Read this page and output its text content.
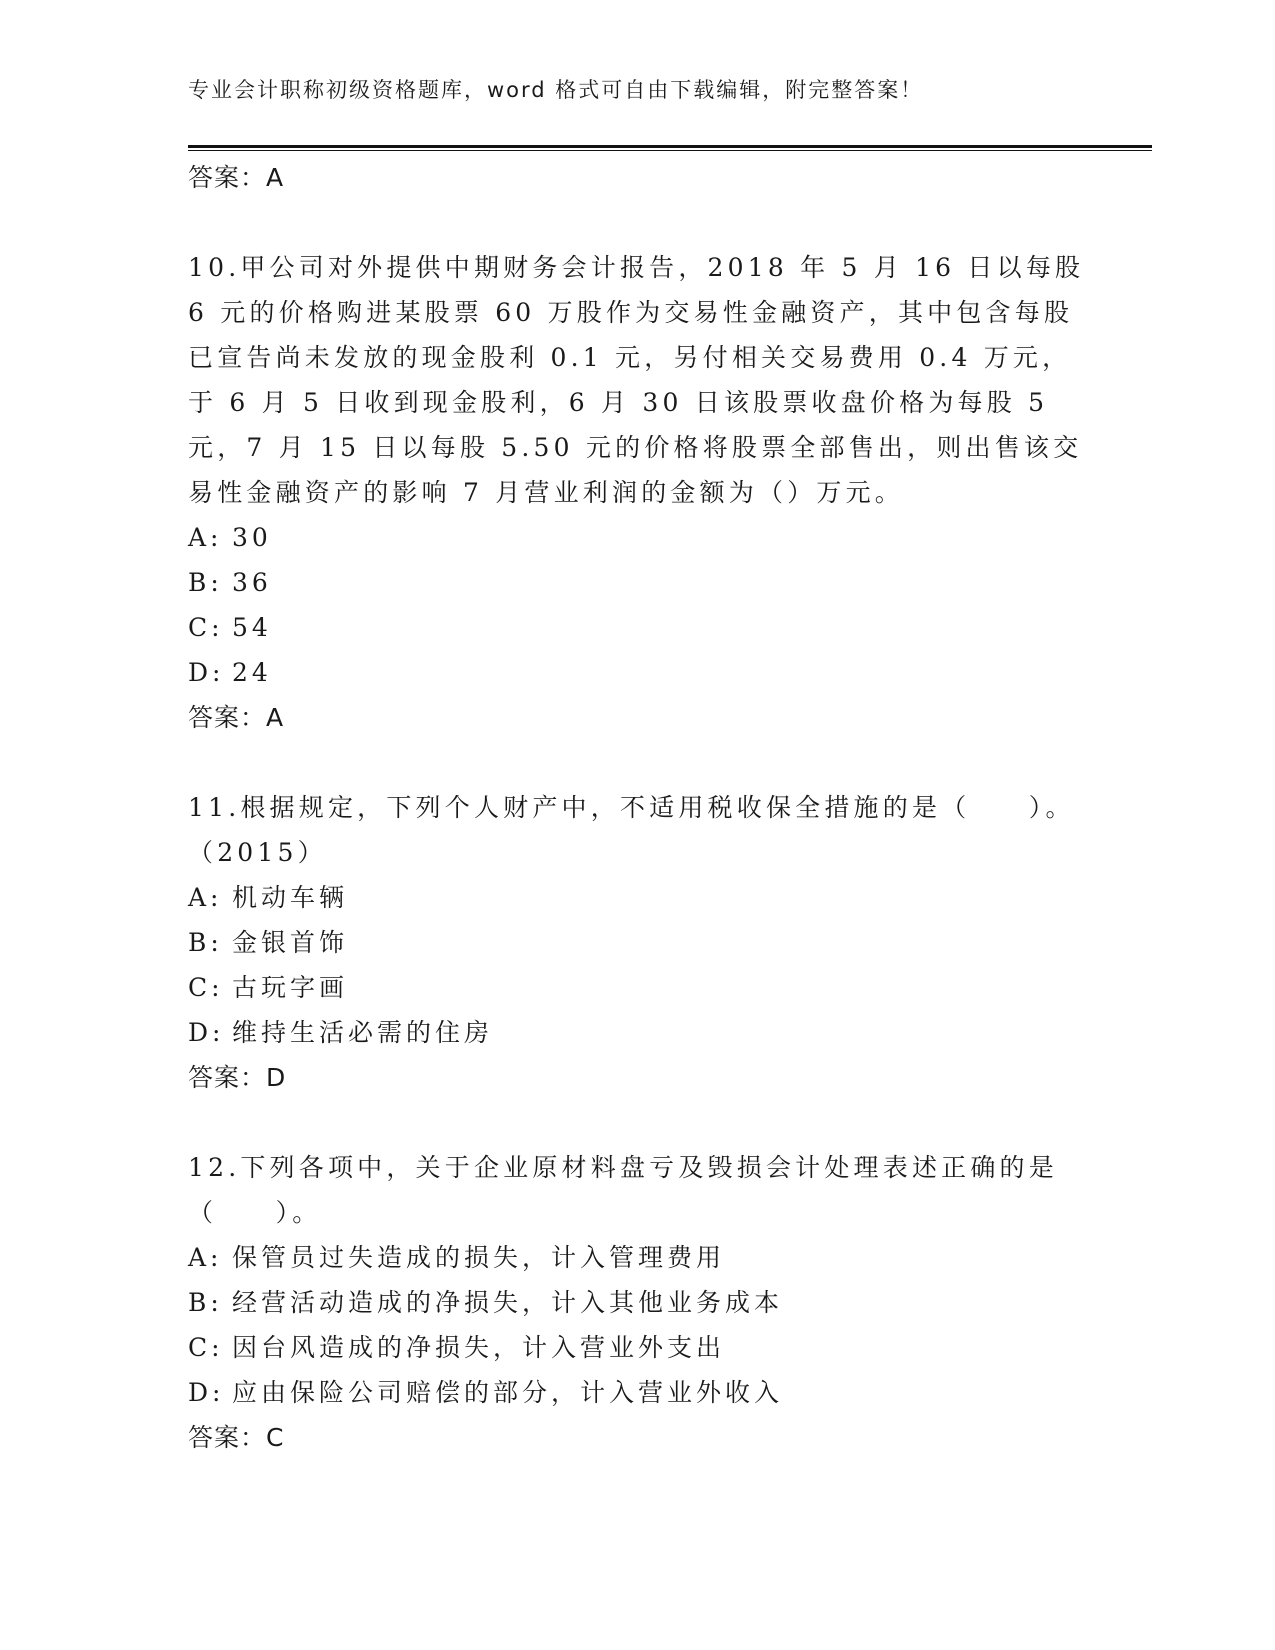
专业会计职称初级资格题库，word 格式可自由下载编辑，附完整答案！
答案：A

10.甲公司对外提供中期财务会计报告，2018 年 5 月 16 日以每股 6 元的价格购进某股票 60 万股作为交易性金融资产，其中包含每股已宣告尚未发放的现金股利 0.1 元，另付相关交易费用 0.4 万元，于 6 月 5 日收到现金股利，6 月 30 日该股票收盘价格为每股 5 元，7 月 15 日以每股 5.50 元的价格将股票全部售出，则出售该交易性金融资产的影响 7 月营业利润的金额为（）万元。

A: 30
B: 36
C: 54
D: 24
答案：A

11.根据规定，下列个人财产中，不适用税收保全措施的是（　　）。（2015）

A: 机动车辆
B: 金银首饰
C: 古玩字画
D: 维持生活必需的住房
答案：D

12.下列各项中，关于企业原材料盘亏及毁损会计处理表述正确的是（　　）。

A: 保管员过失造成的损失，计入管理费用
B: 经营活动造成的净损失，计入其他业务成本
C: 因台风造成的净损失，计入营业外支出
D: 应由保险公司赔偿的部分，计入营业外收入
答案：C
